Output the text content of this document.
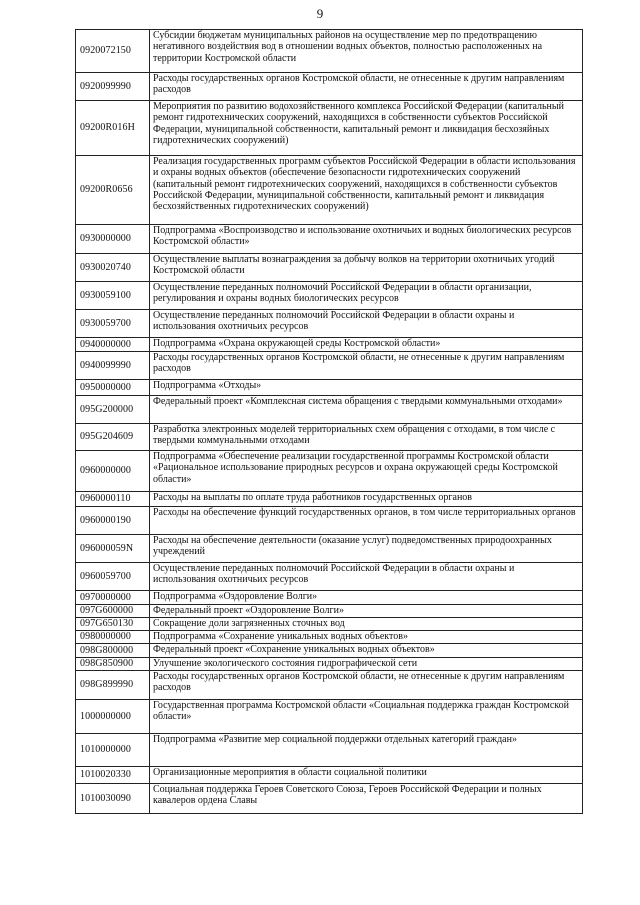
9
0920072150	Субсидии бюджетам муниципальных районов на осуществление мер по предотвращению негативного воздействия вод в отношении водных объектов, полностью расположенных на территории Костромской области
0920099990	Расходы государственных органов Костромской области, не отнесенные к другим направлениям расходов
09200R016H	Мероприятия по развитию водохозяйственного комплекса Российской Федерации (капитальный ремонт гидротехнических сооружений, находящихся в собственности субъектов Российской Федерации, муниципальной собственности, капитальный ремонт и ликвидация бесхозяйных гидротехнических сооружений)
09200R0656	Реализация государственных программ субъектов Российской Федерации в области использования и охраны водных объектов (обеспечение безопасности гидротехнических сооружений (капитальный ремонт гидротехнических сооружений, находящихся в собственности субъектов Российской Федерации, муниципальной собственности, капитальный ремонт и ликвидация бесхозяйственных гидротехнических сооружений)
0930000000	Подпрограмма «Воспроизводство и использование охотничьих и водных биологических ресурсов Костромской области»
0930020740	Осуществление выплаты вознаграждения за добычу волков на территории охотничьих угодий Костромской области
0930059100	Осуществление переданных полномочий Российской Федерации в области организации, регулирования и охраны водных биологических ресурсов
0930059700	Осуществление переданных полномочий Российской Федерации в области охраны и использования охотничьих ресурсов
0940000000	Подпрограмма «Охрана окружающей среды Костромской области»
0940099990	Расходы государственных органов Костромской области, не отнесенные к другим направлениям расходов
0950000000	Подпрограмма «Отходы»
095G200000	Федеральный проект «Комплексная система обращения с твердыми коммунальными отходами»
095G204609	Разработка электронных моделей территориальных схем обращения с отходами, в том числе с твердыми коммунальными отходами
0960000000	Подпрограмма «Обеспечение реализации государственной программы Костромской области «Рациональное использование природных ресурсов и охрана окружающей среды Костромской области»
0960000110	Расходы на выплаты по оплате труда работников государственных органов
0960000190	Расходы на обеспечение функций государственных органов, в том числе территориальных органов
096000059N	Расходы на обеспечение деятельности (оказание услуг) подведомственных природоохранных учреждений
0960059700	Осуществление переданных полномочий Российской Федерации в области охраны и использования охотничьих ресурсов
0970000000	Подпрограмма «Оздоровление Волги»
097G600000	Федеральный проект «Оздоровление Волги»
097G650130	Сокращение доли загрязненных сточных вод
0980000000	Подпрограмма «Сохранение уникальных водных объектов»
098G800000	Федеральный проект «Сохранение уникальных водных объектов»
098G850900	Улучшение экологического состояния гидрографической сети
098G899990	Расходы государственных органов Костромской области, не отнесенные к другим направлениям расходов
1000000000	Государственная программа Костромской области «Социальная поддержка граждан Костромской области»
1010000000	Подпрограмма «Развитие мер социальной поддержки отдельных категорий граждан»
1010020330	Организационные мероприятия в области социальной политики
1010030090	Социальная поддержка Героев Советского Союза, Героев Российской Федерации и полных кавалеров ордена Славы
